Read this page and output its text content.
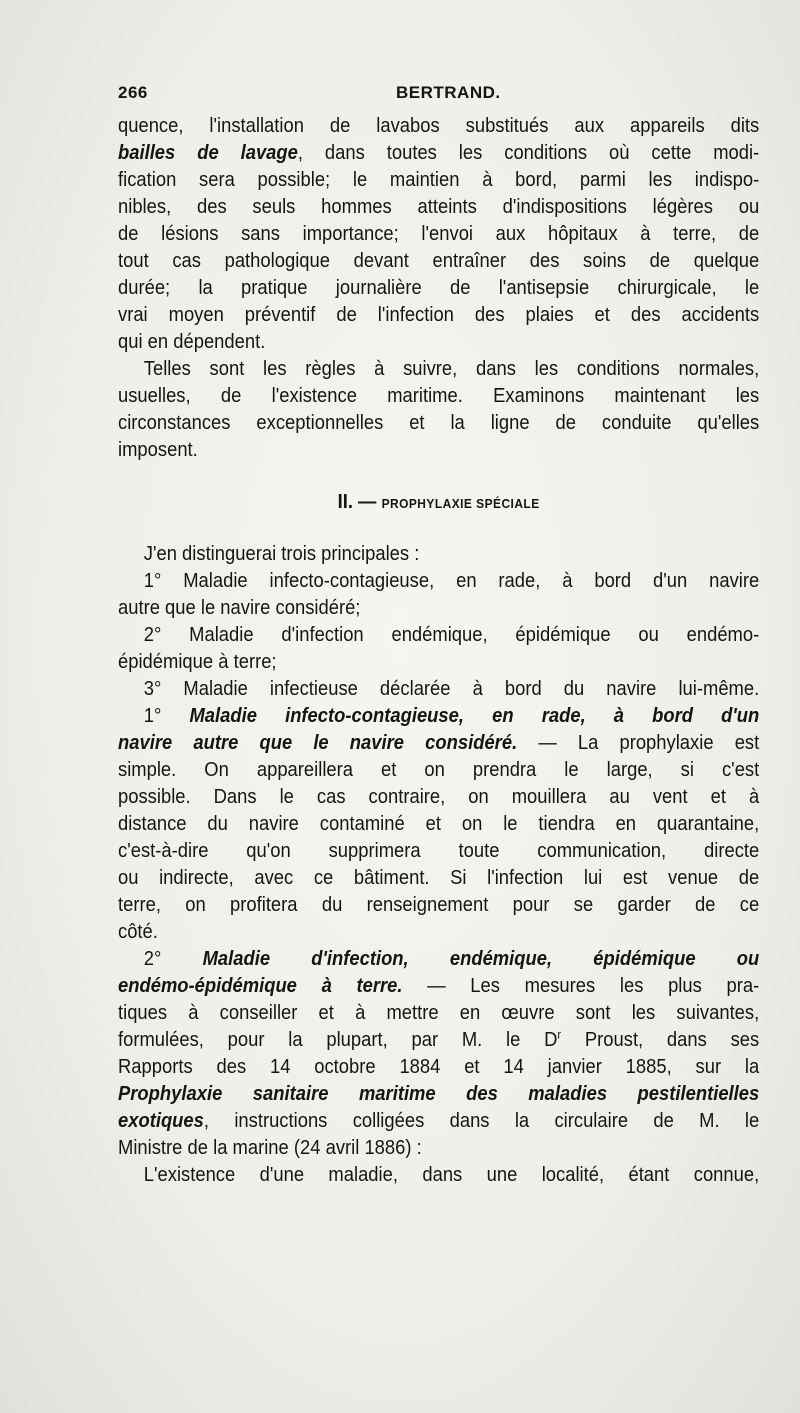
266	BERTRAND.
quence, l'installation de lavabos substitués aux appareils dits
bailles de lavage, dans toutes les conditions où cette modi-
fication sera possible; le maintien à bord, parmi les indispo-
nibles, des seuls hommes atteints d'indispositions légères ou
de lésions sans importance; l'envoi aux hôpitaux à terre, de
tout cas pathologique devant entraîner des soins de quelque
durée; la pratique journalière de l'antisepsie chirurgicale, le
vrai moyen préventif de l'infection des plaies et des accidents
qui en dépendent.
Telles sont les règles à suivre, dans les conditions normales,
usuelles, de l'existence maritime. Examinons maintenant les
circonstances exceptionnelles et la ligne de conduite qu'elles
imposent.
II. — PROPHYLAXIE SPÉCIALE
J'en distinguerai trois principales :
1° Maladie infecto-contagieuse, en rade, à bord d'un navire
autre que le navire considéré;
2° Maladie d'infection endémique, épidémique ou endémo-
épidémique à terre;
3° Maladie infectieuse déclarée à bord du navire lui-même.
1° Maladie infecto-contagieuse, en rade, à bord d'un
navire autre que le navire considéré. — La prophylaxie est
simple. On appareillera et on prendra le large, si c'est
possible. Dans le cas contraire, on mouillera au vent et à
distance du navire contaminé et on le tiendra en quarantaine,
c'est-à-dire qu'on supprimera toute communication, directe
ou indirecte, avec ce bâtiment. Si l'infection lui est venue de
terre, on profitera du renseignement pour se garder de ce
côté.
2° Maladie d'infection, endémique, épidémique ou
endémo-épidémique à terre. — Les mesures les plus pra-
tiques à conseiller et à mettre en œuvre sont les suivantes,
formulées, pour la plupart, par M. le $D^r$ Proust, dans ses
Rapports des 14 octobre 1884 et 14 janvier 1885, sur la
Prophylaxie sanitaire maritime des maladies pestilentielles
exotiques, instructions colligées dans la circulaire de M. le
Ministre de la marine (24 avril 1886) :
L'existence d'une maladie, dans une localité, étant connue,
